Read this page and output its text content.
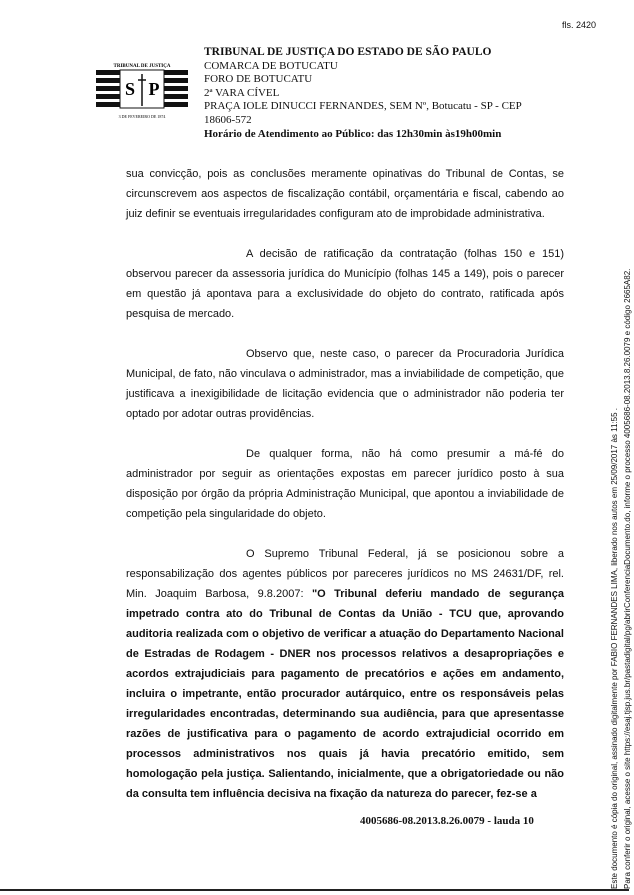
fls. 2420
TRIBUNAL DE JUSTIÇA
S P
3 DE FEVEREIRO DE 1874
TRIBUNAL DE JUSTIÇA DO ESTADO DE SÃO PAULO
COMARCA DE BOTUCATU
FORO DE BOTUCATU
2ª VARA CÍVEL
PRAÇA IOLE DINUCCI FERNANDES, SEM Nº, Botucatu - SP - CEP
18606-572
Horário de Atendimento ao Público: das 12h30min às19h00min

sua convicção, pois as conclusões meramente opinativas do Tribunal de Contas, se circunscrevem aos aspectos de fiscalização contábil, orçamentária e fiscal, cabendo ao juiz definir se eventuais irregularidades configuram ato de improbidade administrativa.

A decisão de ratificação da contratação (folhas 150 e 151) observou parecer da assessoria jurídica do Município (folhas 145 a 149), pois o parecer em questão já apontava para a exclusividade do objeto do contrato, ratificada após pesquisa de mercado.

Observo que, neste caso, o parecer da Procuradoria Jurídica Municipal, de fato, não vinculava o administrador, mas a inviabilidade de competição, que justificava a inexigibilidade de licitação evidencia que o administrador não poderia ter optado por adotar outras providências.

De qualquer forma, não há como presumir a má-fé do administrador por seguir as orientações expostas em parecer jurídico posto à sua disposição por órgão da própria Administração Municipal, que apontou a inviabilidade de competição pela singularidade do objeto.

O Supremo Tribunal Federal, já se posicionou sobre a responsabilização dos agentes públicos por pareceres jurídicos no MS 24631/DF, rel. Min. Joaquim Barbosa, 9.8.2007: "O Tribunal deferiu mandado de segurança impetrado contra ato do Tribunal de Contas da União - TCU que, aprovando auditoria realizada com o objetivo de verificar a atuação do Departamento Nacional de Estradas de Rodagem - DNER nos processos relativos a desapropriações e acordos extrajudiciais para pagamento de precatórios e ações em andamento, incluira o impetrante, então procurador autárquico, entre os responsáveis pelas irregularidades encontradas, determinando sua audiência, para que apresentasse razões de justificativa para o pagamento de acordo extrajudicial ocorrido em processos administrativos nos quais já havia precatório emitido, sem homologação pela justiça. Salientando, inicialmente, que a obrigatoriedade ou não da consulta tem influência decisiva na fixação da natureza do parecer, fez-se a

4005686-08.2013.8.26.0079 - lauda 10	Este documento é cópia do original, assinado digitalmente por FABIO FERNANDES LIMA, liberado nos autos em 25/09/2017 às 11:55 . Para conferir o original, acesse o site https://esaj.tjsp.jus.br/pastadigital/pg/abrirConferenciaDocumento.do, informe o processo 4005686-08.2013.8.26.0079 e código 2665A82.
